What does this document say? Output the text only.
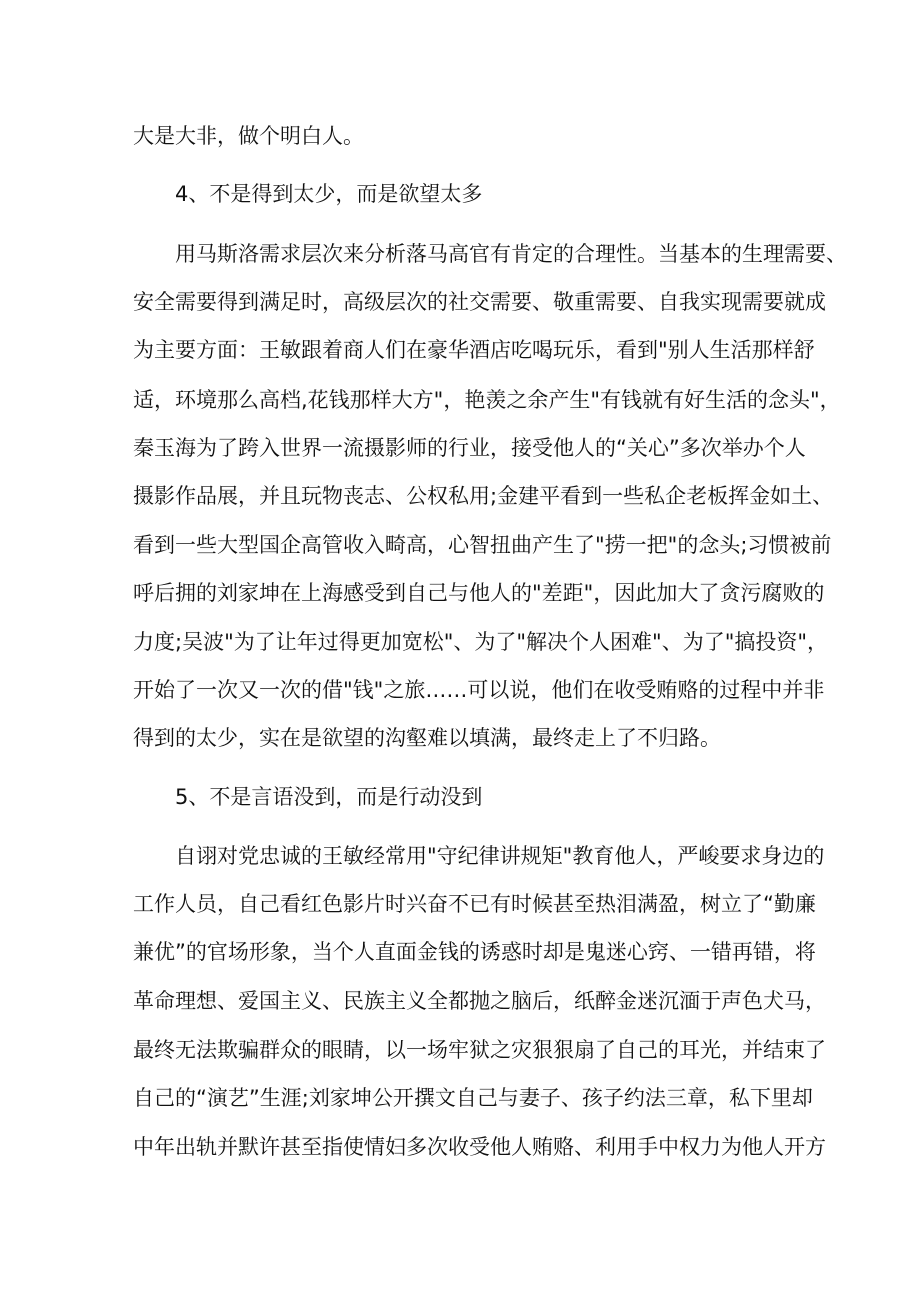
大是大非，做个明白人。
4、不是得到太少，而是欲望太多
用马斯洛需求层次来分析落马高官有肯定的合理性。当基本的生理需要、
安全需要得到满足时，高级层次的社交需要、敬重需要、自我实现需要就成
为主要方面：王敏跟着商人们在豪华酒店吃喝玩乐，看到"别人生活那样舒
适，环境那么高档,花钱那样大方"，艳羡之余产生"有钱就有好生活的念头"，
秦玉海为了跨入世界一流摄影师的行业，接受他人的“关心”多次举办个人
摄影作品展，并且玩物丧志、公权私用;金建平看到一些私企老板挥金如土、
看到一些大型国企高管收入畸高，心智扭曲产生了"捞一把"的念头;习惯被前
呼后拥的刘家坤在上海感受到自己与他人的"差距"，因此加大了贪污腐败的
力度;吴波"为了让年过得更加宽松"、为了"解决个人困难"、为了"搞投资"，
开始了一次又一次的借"钱"之旅……可以说，他们在收受贿赂的过程中并非
得到的太少，实在是欲望的沟壑难以填满，最终走上了不归路。
5、不是言语没到，而是行动没到
自诩对党忠诚的王敏经常用"守纪律讲规矩"教育他人，严峻要求身边的
工作人员，自己看红色影片时兴奋不已有时候甚至热泪满盈，树立了“勤廉
兼优”的官场形象，当个人直面金钱的诱惑时却是鬼迷心窍、一错再错，将
革命理想、爱国主义、民族主义全都抛之脑后，纸醉金迷沉湎于声色犬马，
最终无法欺骗群众的眼睛，以一场牢狱之灾狠狠扇了自己的耳光，并结束了
自己的“演艺”生涯;刘家坤公开撰文自己与妻子、孩子约法三章，私下里却
中年出轨并默许甚至指使情妇多次收受他人贿赂、利用手中权力为他人开方
